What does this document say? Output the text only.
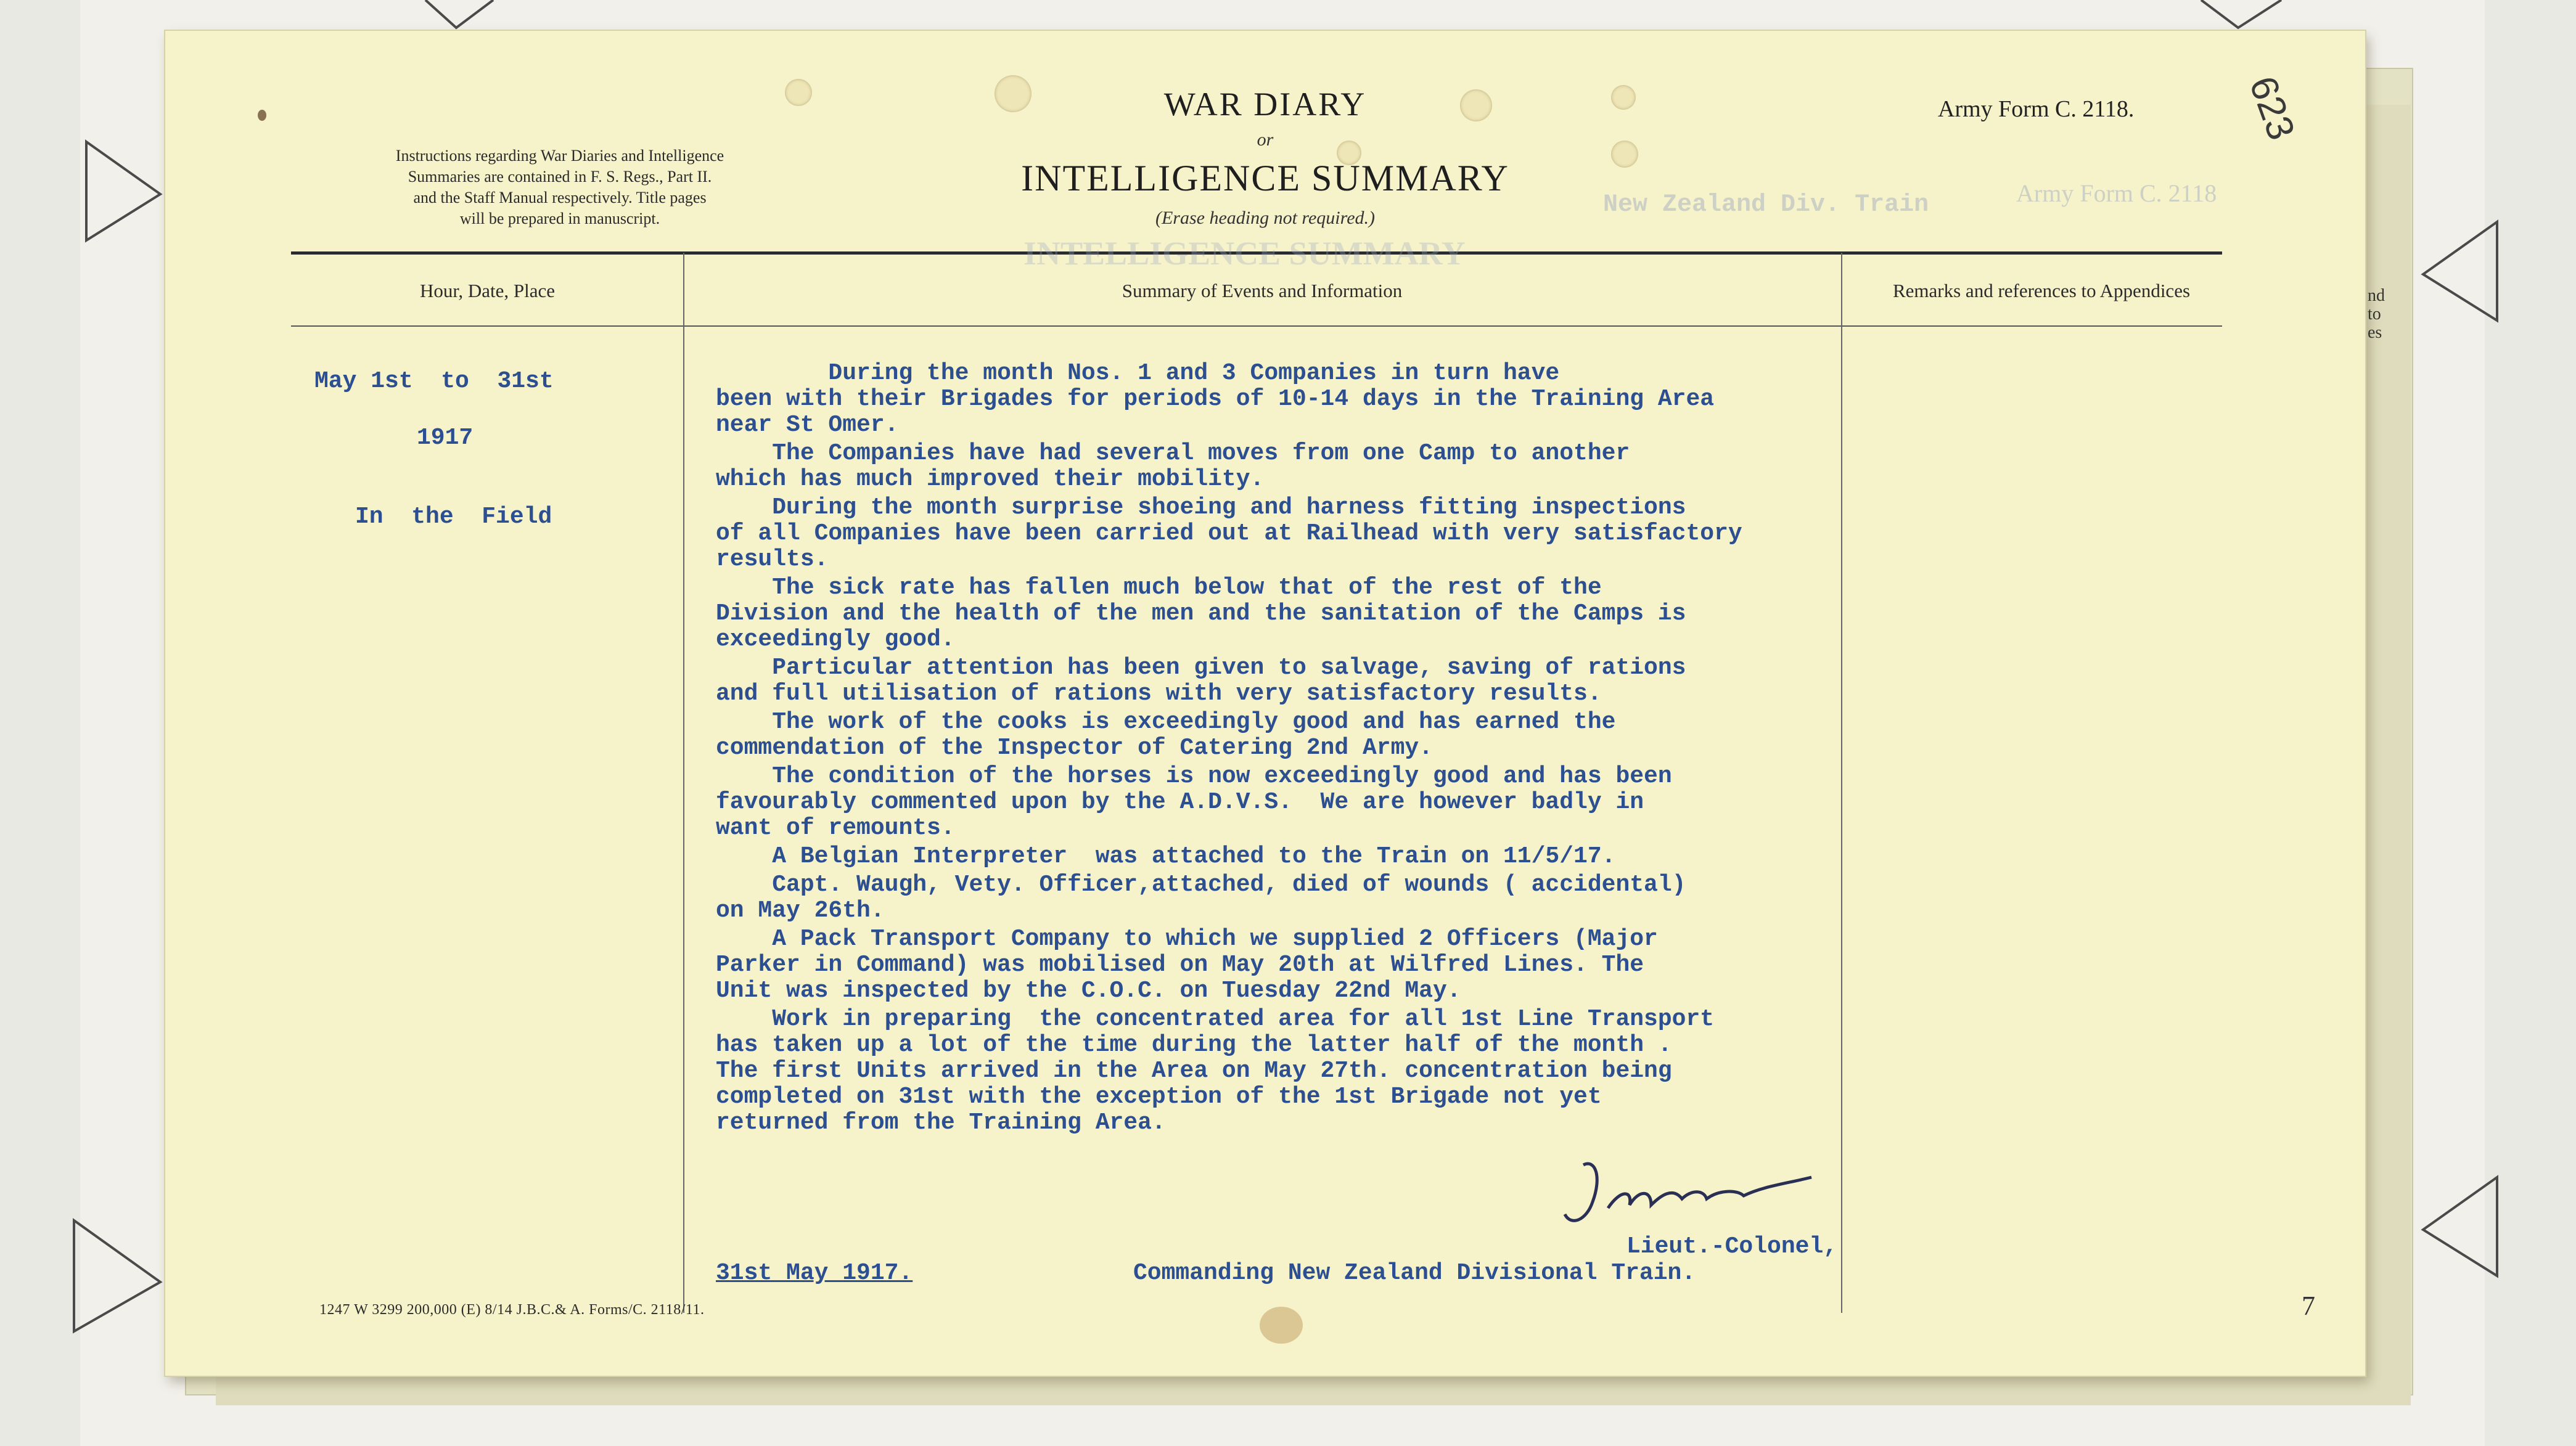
Instructions regarding War Diaries and Intelligence
Summaries are contained in F. S. Regs., Part II.
and the Staff Manual respectively. Title pages
will be prepared in manuscript.
WAR DIARY
or
INTELLIGENCE SUMMARY
(Erase heading not required.)
Army Form C. 2118.	623
Hour, Date, Place	Summary of Events and Information	Remarks and references to Appendices
May 1st  to  31st
1917
In  the  Field

During the month Nos. 1 and 3 Companies in turn have

been with their Brigades for periods of 10-14 days in the Training Area

near St Omer.

The Companies have had several moves from one Camp to another

which has much improved their mobility.

During the month surprise shoeing and harness fitting inspections

of all Companies have been carried out at Railhead with very satisfactory

results.

The sick rate has fallen much below that of the rest of the

Division and the health of the men and the sanitation of the Camps is

exceedingly good.

Particular attention has been given to salvage, saving of rations

and full utilisation of rations with very satisfactory results.

The work of the cooks is exceedingly good and has earned the

commendation of the Inspector of Catering 2nd Army.

The condition of the horses is now exceedingly good and has been

favourably commented upon by the A.D.V.S.  We are however badly in

want of remounts.

A Belgian Interpreter  was attached to the Train on 11/5/17.

Capt. Waugh, Vety. Officer,attached, died of wounds ( accidental)

on May 26th.

A Pack Transport Company to which we supplied 2 Officers (Major

Parker in Command) was mobilised on May 20th at Wilfred Lines. The

Unit was inspected by the C.O.C. on Tuesday 22nd May.

Work in preparing  the concentrated area for all 1st Line Transport

has taken up a lot of the time during the latter half of the month .

The first Units arrived in the Area on May 27th. concentration being

completed on 31st with the exception of the 1st Brigade not yet

returned from the Training Area.

Lieut.-Colonel,
31st May 1917.	Commanding New Zealand Divisional Train.
1247 W 3299 200,000 (E) 8/14 J.B.C.& A. Forms/C. 2118/11.	7
New Zealand Div. Train	Army Form C. 2118
INTELLIGENCE SUMMARY
nd
to
es
